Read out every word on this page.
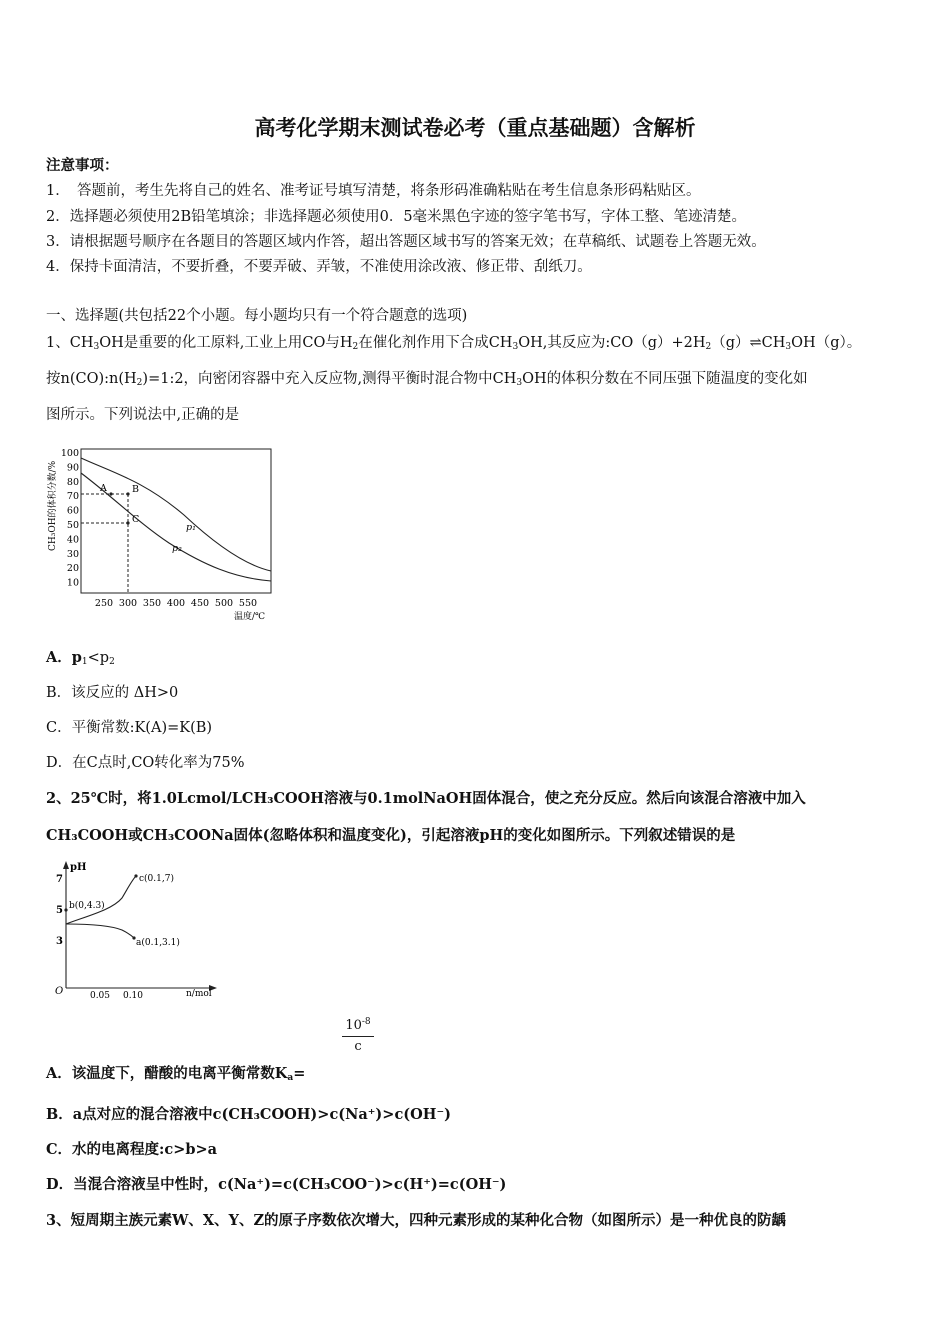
高考化学期末测试卷必考（重点基础题）含解析
注意事项：
1．　答题前，考生先将自己的姓名、准考证号填写清楚，将条形码准确粘贴在考生信息条形码粘贴区。
2．选择题必须使用2B铅笔填涂；非选择题必须使用0．5毫米黑色字迹的签字笔书写，字体工整、笔迹清楚。
3．请根据题号顺序在各题目的答题区域内作答，超出答题区域书写的答案无效；在草稿纸、试题卷上答题无效。
4．保持卡面清洁，不要折叠，不要弄破、弄皱，不准使用涂改液、修正带、刮纸刀。
一、选择题(共包括22个小题。每小题均只有一个符合题意的选项)
1、$CH_3OH$是重要的化工原料,工业上用CO与$H_2$在催化剂作用下合成$CH_3OH$,其反应为$:CO(g)+2H_2(g)\rightleftharpoons CH_3OH(g)$。
按$n(CO):n(H_2)=1:2$，向密闭容器中充入反应物,测得平衡时混合物中$CH_3OH$的体积分数在不同压强下随温度的变化如
图所示。下列说法中,正确的是
CH₃OH的体积分数/%
100
90
80
70
60
50
40
30
20
10
250 300 350 400 450 500 550
温度/℃
A	B
C
p₁
p₂
A．$p_1<p_2$
B．该反应的 ΔH>0
C．平衡常数:K(A)=K(B)
D．在C点时,CO转化率为75%
2、25℃时，将1.0Lcmol/LCH₃COOH溶液与0.1molNaOH固体混合，使之充分反应。然后向该混合溶液中加入
CH₃COOH或CH₃COONa固体(忽略体积和温度变化)，引起溶液pH的变化如图所示。下列叙述错误的是
pH
n/mol
O
7
5
3
0.05 0.10
c(0.1,7)
b(0,4.3)
a(0.1,3.1)
A．该温度下，醋酸的电离平衡常数$K_a=$
$10^{-8}$
c
B．a点对应的混合溶液中c(CH₃COOH)>c(Na⁺)>c(OH⁻)
C．水的电离程度:c>b>a
D．当混合溶液呈中性时，c(Na⁺)=c(CH₃COO⁻)>c(H⁺)=c(OH⁻)
3、短周期主族元素W、X、Y、Z的原子序数依次增大，四种元素形成的某种化合物（如图所示）是一种优良的防龋
